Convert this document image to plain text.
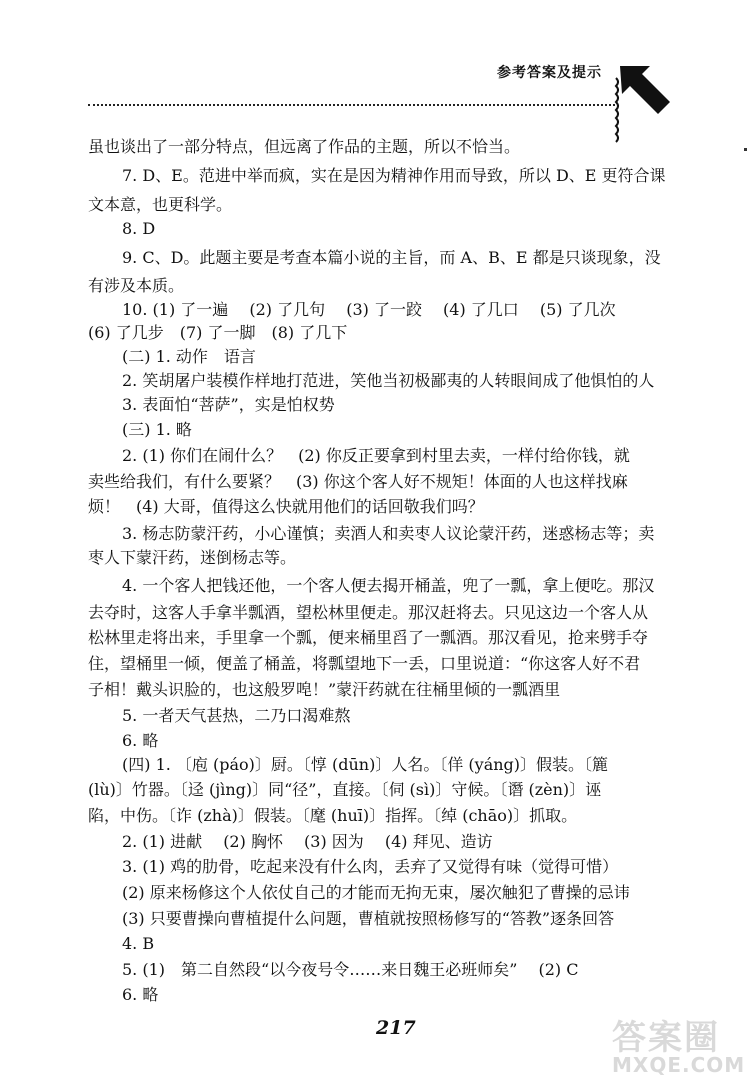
参考答案及提示
虽也谈出了一部分特点，但远离了作品的主题，所以不恰当。
7. D、E。范进中举而疯，实在是因为精神作用而导致，所以 D、E 更符合课
文本意，也更科学。
8. D
9. C、D。此题主要是考查本篇小说的主旨，而 A、B、E 都是只谈现象，没
有涉及本质。
10. (1) 了一遍　 (2) 了几句　 (3) 了一跤　 (4) 了几口　 (5) 了几次
(6) 了几步　(7) 了一脚　(8) 了几下
(二) 1. 动作　语言
2. 笑胡屠户装模作样地打范进，笑他当初极鄙夷的人转眼间成了他惧怕的人
3. 表面怕“菩萨”，实是怕权势
(三) 1. 略
2. (1) 你们在闹什么？　(2) 你反正要拿到村里去卖，一样付给你钱，就
卖些给我们，有什么要紧？　(3) 你这个客人好不规矩！体面的人也这样找麻
烦！　(4) 大哥，值得这么快就用他们的话回敬我们吗？
3. 杨志防蒙汗药，小心谨慎；卖酒人和卖枣人议论蒙汗药，迷惑杨志等；卖
枣人下蒙汗药，迷倒杨志等。
4. 一个客人把钱还他，一个客人便去揭开桶盖，兜了一瓢，拿上便吃。那汉
去夺时，这客人手拿半瓢酒，望松林里便走。那汉赶将去。只见这边一个客人从
松林里走将出来，手里拿一个瓢，便来桶里舀了一瓢酒。那汉看见，抢来劈手夺
住，望桶里一倾，便盖了桶盖，将瓢望地下一丢，口里说道：“你这客人好不君
子相！戴头识脸的，也这般罗唣！”蒙汗药就在往桶里倾的一瓢酒里
5. 一者天气甚热，二乃口渴难熬
6. 略
(四) 1. 〔庖 (páo)〕厨。〔惇 (dūn)〕人名。〔佯 (yáng)〕假装。〔簏
(lù)〕竹器。〔迳 (jìng)〕同“径”，直接。〔伺 (sì)〕守候。〔谮 (zèn)〕诬
陷，中伤。〔诈 (zhà)〕假装。〔麾 (huī)〕指挥。〔绰 (chāo)〕抓取。
2. (1) 进献　 (2) 胸怀　 (3) 因为　 (4) 拜见、造访
3. (1) 鸡的肋骨，吃起来没有什么肉，丢弃了又觉得有味（觉得可惜）
(2) 原来杨修这个人依仗自己的才能而无拘无束，屡次触犯了曹操的忌讳
(3) 只要曹操向曹植提什么问题，曹植就按照杨修写的“答教”逐条回答
4. B
5. (1)　第二自然段“以今夜号令……来日魏王必班师矣”　 (2) C
6. 略
217	答案圈
MXQE.COM
